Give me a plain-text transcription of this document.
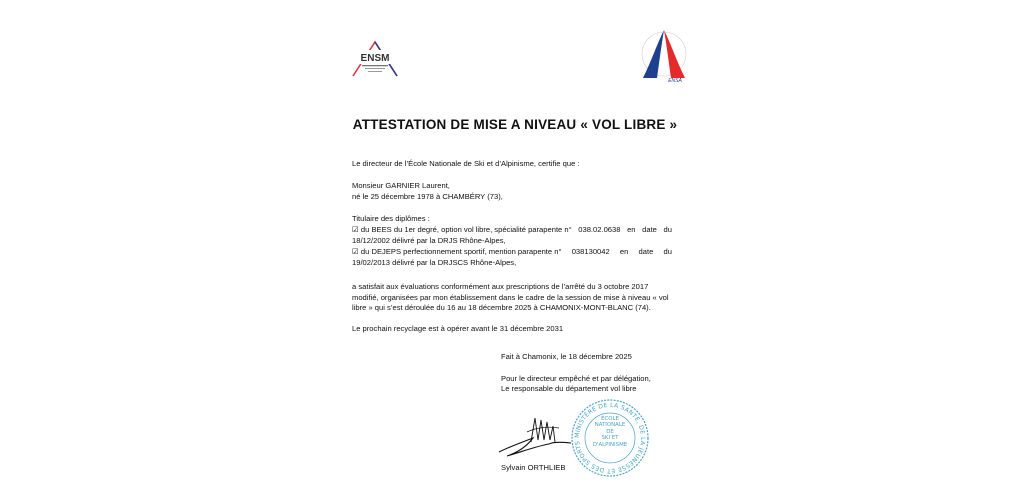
ENSM
ENSA
ATTESTATION DE MISE A NIVEAU « VOL LIBRE »
Le directeur de l’École Nationale de Ski et d’Alpinisme, certifie que :
Monsieur GARNIER Laurent,
né le 25 décembre 1978 à CHAMBÉRY (73),
Titulaire des diplômes :
☑ du BEES du 1er degré, option vol libre, spécialité parapente n° 038.02.0638 en date du
18/12/2002 délivré par la DRJS Rhône-Alpes,
☑ du DEJEPS perfectionnement sportif, mention parapente n° 038130042 en date du
19/02/2013 délivré par la DRJSCS Rhône-Alpes,
a satisfait aux évaluations conformément aux prescriptions de l’arrêté du 3 octobre 2017
modifié, organisées par mon établissement dans le cadre de la session de mise à niveau « vol
libre » qui s’est déroulée du 16 au 18 décembre 2025 à CHAMONIX-MONT-BLANC (74).
Le prochain recyclage est à opérer avant le 31 décembre 2031
Fait à Chamonix, le 18 décembre 2025
Pour le directeur empêché et par délégation,
Le responsable du département vol libre
MINISTÈRE DE LA SANTÉ, DE LA JEUNESSE ET DES SPORTS
ÉCOLE
NATIONALE
DE
SKI ET
D'ALPINISME
Sylvain ORTHLIEB
